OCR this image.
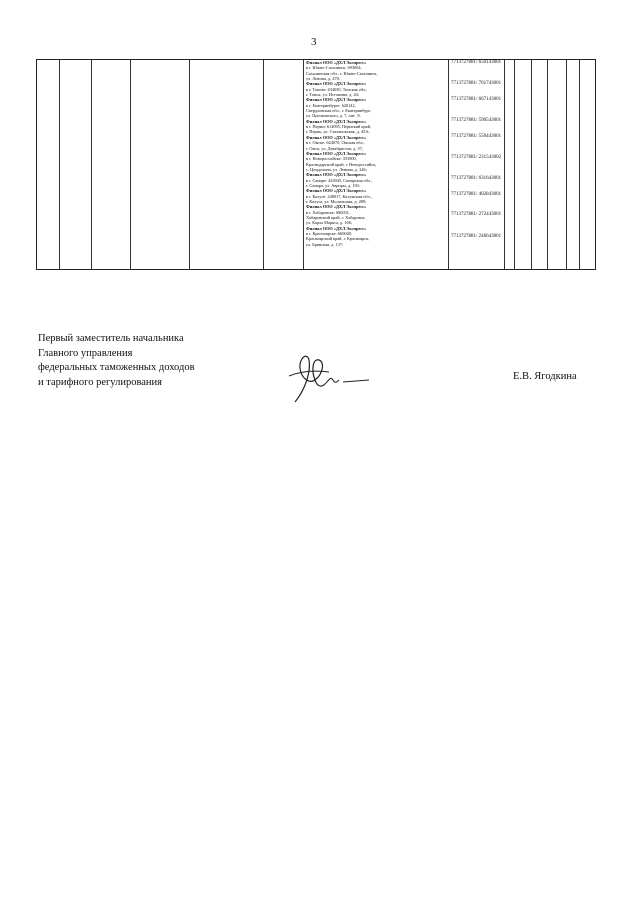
3
Филиал ООО «ДХЛ Экспресс»
в г. Южно-Сахалинск: 693004,
Сахалинская обл., г. Южно-Сахалинск,
ул. Ленина, д. 470;
Филиал ООО «ДХЛ Экспресс»
в г. Томске: 634050, Томская обл.,
г. Томск, ул. Истомина, д. 44;
Филиал ООО «ДХЛ Экспресс»
в г. Екатеринбурге: 620142,
Свердловская обл., г. Екатеринбург,
ул. Циолковского, д. 7, лит. Э;
Филиал ООО «ДХЛ Экспресс»
в г. Перми: 614095, Пермский край,
г. Пермь, ул. Стахановская, д. 45А;
Филиал ООО «ДХЛ Экспресс»
в г. Омске: 644070, Омская обл.,
г. Омск, ул. Декабристов, д. 37;
Филиал ООО «ДХЛ Экспресс»
в г. Новороссийске: 353900,
Краснодарский край, г. Новороссийск,
с. Цемдолина, ул. Ленина, д. 246;
Филиал ООО «ДХЛ Экспресс»
в г. Самаре: 443045, Самарская обл.,
г. Самара, ул. Авроры, д. 150;
Филиал ООО «ДХЛ Экспресс»
в г. Калуге: 248017, Калужская обл.,
г. Калуга, ул. Московская, д. 289;
Филиал ООО «ДХЛ Экспресс»
в г. Хабаровске: 680031,
Хабаровский край, г. Хабаровск,
ул. Карла Маркса, д. 166;
Филиал ООО «ДХЛ Экспресс»
в г. Красноярске: 660048,
Красноярский край, г. Красноярск,
ул. Брянская, д. 137;
7713727881/ 650143001
7713727881/ 701743001
7713727881/ 667143001
7713727881/ 590543001
7713727881/ 550443001
7713727881/ 231543002
7713727881/ 631643001
7713727881/ 402843001
7713727881/ 272443001
7713727881/ 246643001
Первый заместитель начальника
Главного управления
федеральных таможенных доходов
и тарифного регулирования	Е.В. Ягодкина
